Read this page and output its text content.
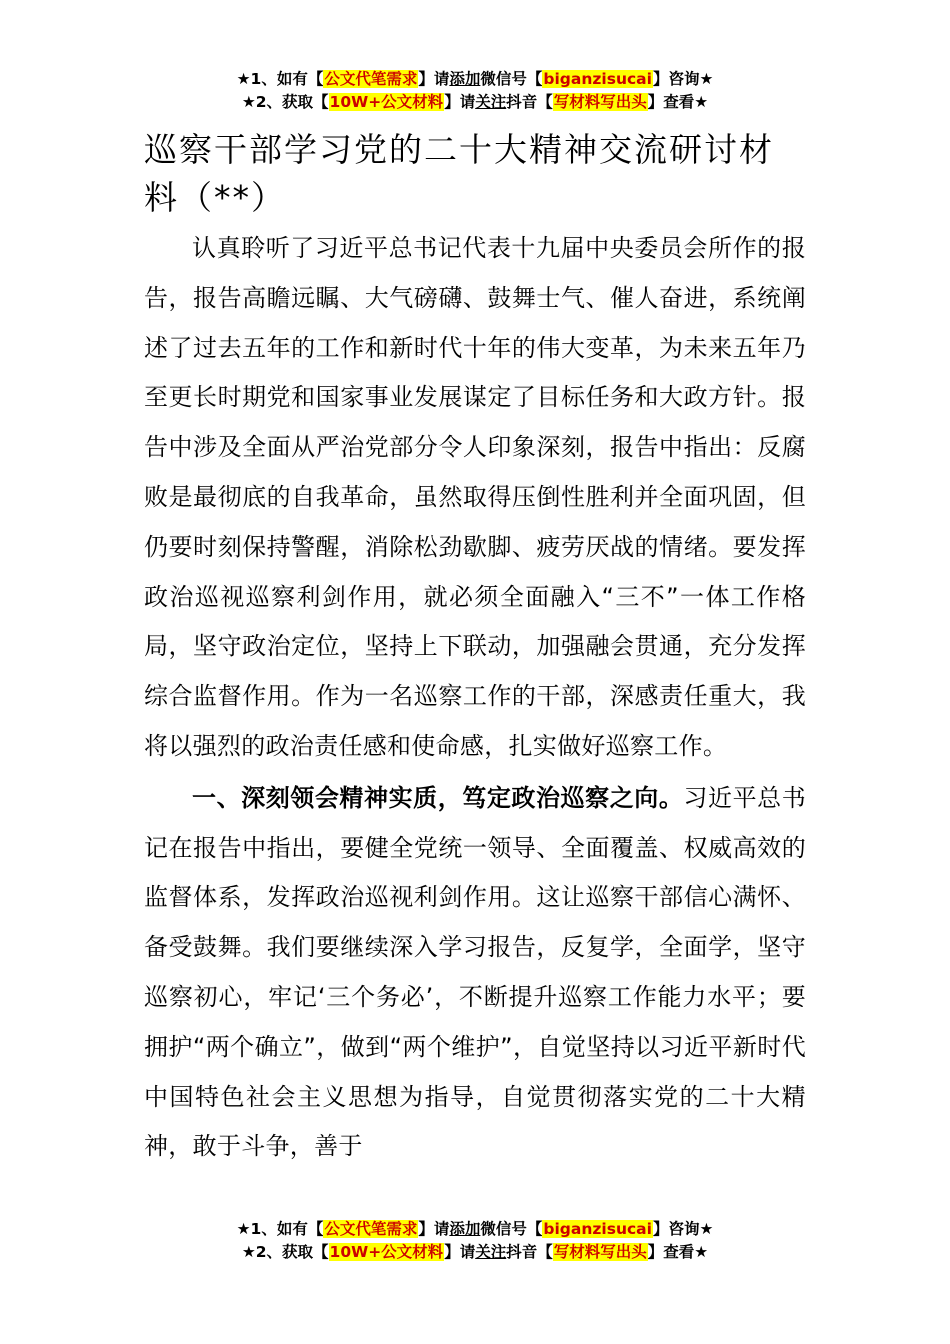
★1、如有【公文代笔需求】请添加微信号【biganzisucai】咨询★
★2、获取【10W+公文材料】请关注抖音【写材料写出头】查看★
巡察干部学习党的二十大精神交流研讨材料（**）

认真聆听了习近平总书记代表十九届中央委员会所作的报告，报告高瞻远瞩、大气磅礴、鼓舞士气、催人奋进，系统阐述了过去五年的工作和新时代十年的伟大变革，为未来五年乃至更长时期党和国家事业发展谋定了目标任务和大政方针。报告中涉及全面从严治党部分令人印象深刻，报告中指出：反腐败是最彻底的自我革命，虽然取得压倒性胜利并全面巩固，但仍要时刻保持警醒，消除松劲歇脚、疲劳厌战的情绪。要发挥政治巡视巡察利剑作用，就必须全面融入“三不”一体工作格局，坚守政治定位，坚持上下联动，加强融会贯通，充分发挥综合监督作用。作为一名巡察工作的干部，深感责任重大，我将以强烈的政治责任感和使命感，扎实做好巡察工作。

一、深刻领会精神实质，笃定政治巡察之向。习近平总书记在报告中指出，要健全党统一领导、全面覆盖、权威高效的监督体系，发挥政治巡视利剑作用。这让巡察干部信心满怀、备受鼓舞。我们要继续深入学习报告，反复学，全面学，坚守巡察初心，牢记‘三个务必’，不断提升巡察工作能力水平；要拥护“两个确立”，做到“两个维护”，自觉坚持以习近平新时代中国特色社会主义思想为指导，自觉贯彻落实党的二十大精神，敢于斗争，善于

★1、如有【公文代笔需求】请添加微信号【biganzisucai】咨询★
★2、获取【10W+公文材料】请关注抖音【写材料写出头】查看★
